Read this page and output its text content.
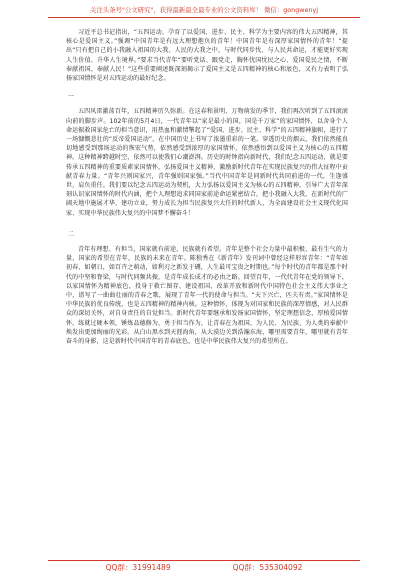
关注头条号"公文研究"，获得最新最全最专业的公文资料库！ 微信：gongwenyj

习近平总书记指出，“五四运动，孕育了以爱国、进步、民主、科学为主要内容的伟大五四精神，其核心是爱国主义。”强调“中国青年是有远大理想抱负的青年！中国青年是有深厚家国情怀的青年！”提出“只有把自己的小我融入祖国的大我、人民的大我之中，与时代同步伐、与人民共命运，才能更好实现人生价值、升华人生境界。”要求当代青年“要听党话、跟党走，胸怀忧国忧民之心、爱国爱民之情，不断奉献祖国、奉献人民！”这些重要阐述既深刻揭示了爱国主义是五四精神的核心和底色，又有力表明了弘扬家国情怀是对五四运动的最好纪念。

一

五四风雷激荡百年，五四精神历久弥新。在这春和景明、万物萌发的季节，我们再次听到了五四滚滚向前的脚步声。102年前的5月4日，一代青年以“家是最小的国，国是千万家”的家国情怀，以舍身个人命运振救国家危亡的担当意识，用热血和激情擎起了“爱国、进步、民主、科学”的五四精神旗帜，进行了一场慷慨悲壮的“反帝爱国运动”，在中国历史上书写了浓墨重彩的一笔。穿透历史的烟云，我们依然能真切地感受到那场运动的恢宏气势，依然感受到浓厚的家国情怀，依然感悟到以爱国主义为核心的五四精神。这种精神跨越时空，依然可以使我们心潮澎湃。历史的时钟指向新时代，我们纪念五四运动，就是要传承五四精神的重要质素家国情怀，弘扬爱国主义精神，激励新时代青年在实现民族复兴的伟大征程中贡献青春力量。“青年兴则国家兴，青年强则国家强。”当代中国青年是同新时代共同前进的一代，生逢盛世，肩负重任。我们要以纪念五四运动为契机，大力弘扬以爱国主义为核心的五四精神，引导广大青年深刻认识家国情怀的时代内涵，把个人理想追求同国家前途命运紧密结合，把小我融入大我，在新时代的广阔天地中施展才华、建功立业，努力成长为担当民族复兴大任的时代新人，为全面建设社会主义现代化国家、实现中华民族伟大复兴的中国梦不懈奋斗！

二

青年有理想、有担当，国家就有前途，民族就有希望。青年是整个社会力量中最积极、最有生气的力量，国家的希望在青年，民族的未来在青年。陈独秀在《新青年》发刊词中曾经这样形容青年：“青年如初春，如朝日，如百卉之萌动，如利刃之新发于硎，人生最可宝贵之时期也。”每个时代的青年都是那个时代的中坚和脊梁，与时代同频共振，是青年成长成才的必由之路。回望百年，一代代青年在党的领导下，以家国情怀为精神底色，投身于救亡图存、建设祖国、改革开放和新时代中国特色社会主义伟大事业之中，谱写了一曲曲壮丽的青春之歌，展现了青年一代的使命与担当。“天下兴亡，匹夫有责。”家国情怀是中华民族的优良传统，也是五四精神的精神内核。这种情怀，体现为对国家和民族的深厚情感，对人民群众的深切关怀，对自身责任的自觉担当。新时代青年要继承和发扬家国情怀，坚定理想信念，厚植爱国情怀，练就过硬本领，锤炼品德修为，勇于担当作为，让青春在为祖国、为人民、为民族、为人类的奉献中焕发出更加绚丽的光彩。从白山黑水到天涯海角，从大漠边关到浩瀚东海，哪里需要青年，哪里就有青年奋斗的身影，这是新时代中国青年的青春底色，也是中华民族伟大复兴的希望所在。

QQ群：31991489	QQ群：535304092
